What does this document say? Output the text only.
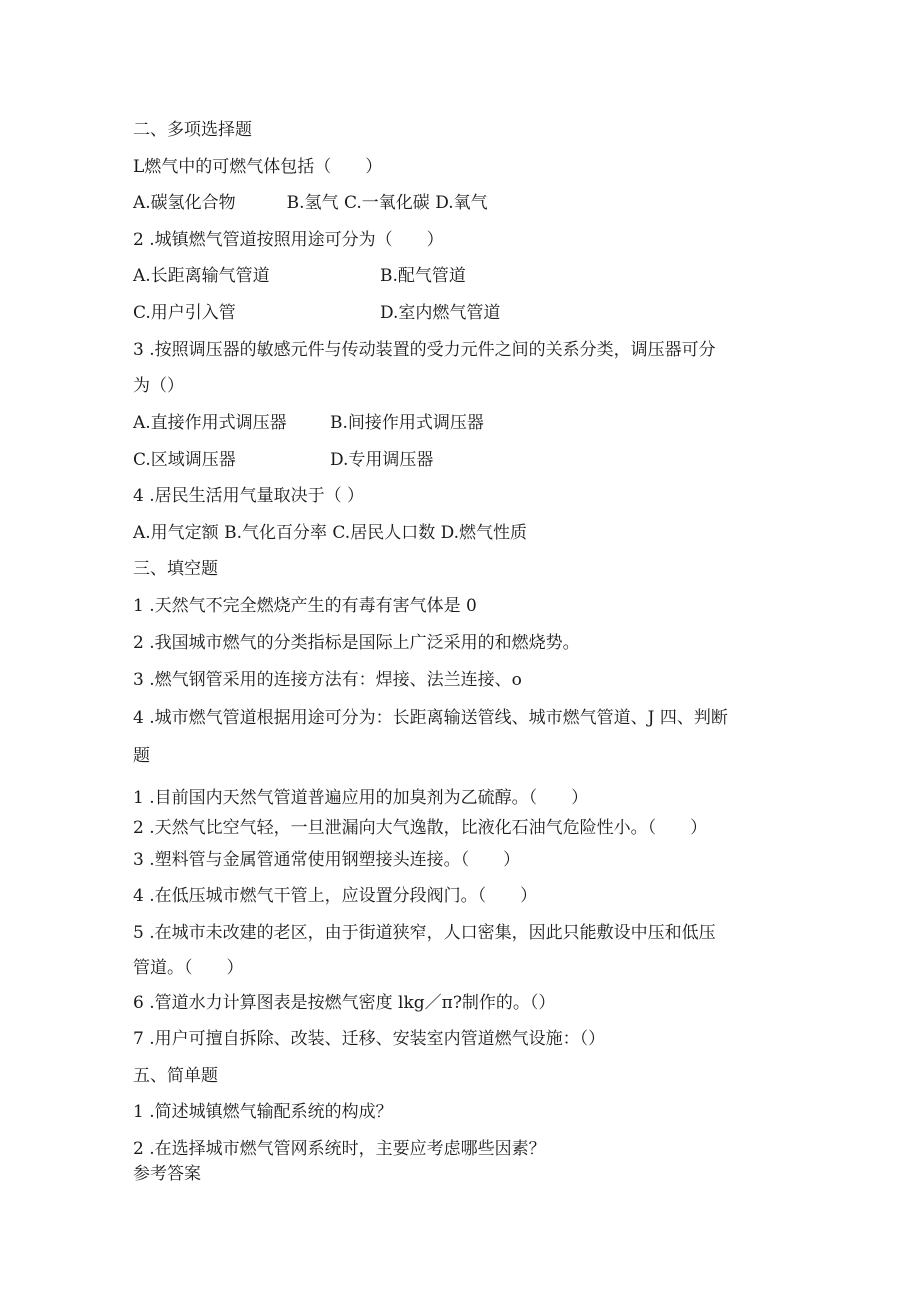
二、多项选择题

L燃气中的可燃气体包括（　　）

A.碳氢化合物　　　B.氢气 C.一氧化碳 D.氧气

2 .城镇燃气管道按照用途可分为（　　）

A.长距离输气管道	B.配气管道

C.用户引入管	D.室内燃气管道

3 .按照调压器的敏感元件与传动装置的受力元件之间的关系分类，调压器可分

为（）

A.直接作用式调压器	B.间接作用式调压器

C.区域调压器	D.专用调压器

4 .居民生活用气量取决于（ ）

A.用气定额 B.气化百分率 C.居民人口数 D.燃气性质

三、填空题

1 .天然气不完全燃烧产生的有毒有害气体是 0

2 .我国城市燃气的分类指标是国际上广泛采用的和燃烧势。

3 .燃气钢管采用的连接方法有：焊接、法兰连接、o

4 .城市燃气管道根据用途可分为：长距离输送管线、城市燃气管道、J 四、判断

题

1 .目前国内天然气管道普遍应用的加臭剂为乙硫醇。（　　）

2 .天然气比空气轻，一旦泄漏向大气逸散，比液化石油气危险性小。（　　）

3 .塑料管与金属管通常使用钢塑接头连接。（　　）

4 .在低压城市燃气干管上，应设置分段阀门。（　　）

5 .在城市未改建的老区，由于街道狭窄，人口密集，因此只能敷设中压和低压

管道。（　　）

6 .管道水力计算图表是按燃气密度 lkg／π?制作的。（）

7 .用户可擅自拆除、改装、迁移、安装室内管道燃气设施：（）

五、简单题

1 .简述城镇燃气输配系统的构成？

2 .在选择城市燃气管网系统时，主要应考虑哪些因素？

参考答案
